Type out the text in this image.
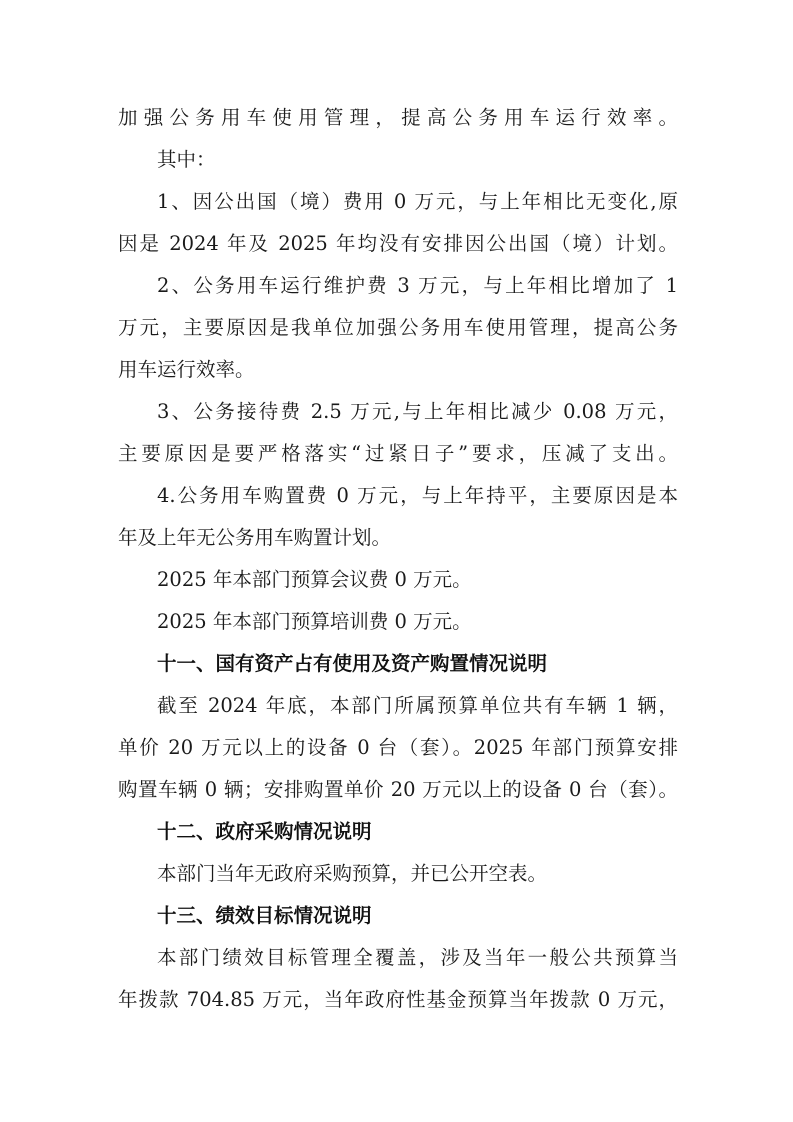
加强公务用车使用管理，提高公务用车运行效率。
其中：
1、因公出国（境）费用 0 万元，与上年相比无变化,原
因是 2024 年及 2025 年均没有安排因公出国（境）计划。
2、公务用车运行维护费 3 万元，与上年相比增加了 1
万元，主要原因是我单位加强公务用车使用管理，提高公务
用车运行效率。
3、公务接待费 2.5 万元,与上年相比减少 0.08 万元，
主要原因是要严格落实“过紧日子”要求，压减了支出。
4.公务用车购置费 0 万元，与上年持平，主要原因是本
年及上年无公务用车购置计划。
2025 年本部门预算会议费 0 万元。
2025 年本部门预算培训费 0 万元。
十一、国有资产占有使用及资产购置情况说明
截至 2024 年底，本部门所属预算单位共有车辆 1 辆，
单价 20 万元以上的设备 0 台（套）。2025 年部门预算安排
购置车辆 0 辆；安排购置单价 20 万元以上的设备 0 台（套）。
十二、政府采购情况说明
本部门当年无政府采购预算，并已公开空表。
十三、绩效目标情况说明
本部门绩效目标管理全覆盖，涉及当年一般公共预算当
年拨款 704.85 万元，当年政府性基金预算当年拨款 0 万元，
